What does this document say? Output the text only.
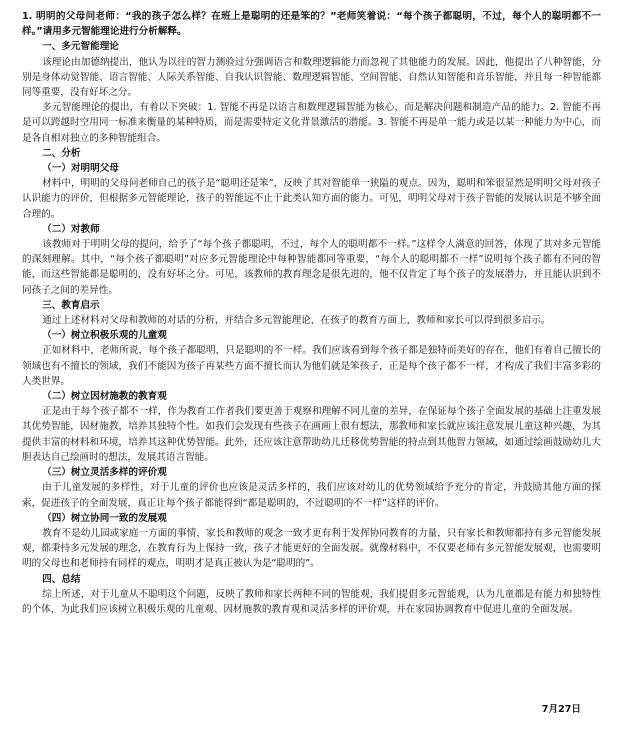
1. 明明的父母问老师：“我的孩子怎么样？在班上是聪明的还是笨的？”老师笑着说：“每个孩子都聪明，不过，每个人的聪明都不一样。”请用多元智能理论进行分析解释。

一、多元智能理论

该理论由加德纳提出，他认为以往的智力测验过分强调语言和数理逻辑能力而忽视了其他能力的发展。因此，他提出了八种智能，分别是身体动觉智能、语言智能、人际关系智能、自我认识智能、数理逻辑智能、空间智能、自然认知智能和音乐智能，并且每一种智能都同等重要，没有好坏之分。

多元智能理论的提出，有着以下突破：1. 智能不再是以语言和数理逻辑智能为核心，而是解决问题和制造产品的能力。2. 智能不再是可以跨越时空用同一标准来衡量的某种特质，而是需要特定文化背景激活的潜能。3. 智能不再是单一能力或是以某一种能力为中心，而是各自相对独立的多种智能组合。

二、分析

（一）对明明父母

材料中，明明的父母问老师自己的孩子是“聪明还是笨”，反映了其对智能单一狭隘的观点。因为，聪明和笨很显然是明明父母对孩子认识能力的评价，但根据多元智能理论，孩子的智能远不止于此类认知方面的能力。可见，明明父母对于孩子智能的发展认识是不够全面合理的。

（二）对教师

该教师对于明明父母的提问，给予了“每个孩子都聪明，不过，每个人的聪明都不一样。”这样令人满意的回答，体现了其对多元智能的深刻理解。其中，“每个孩子都聪明”对应多元智能理论中每种智能都同等重要，“每个人的聪明都不一样”说明每个孩子都有不同的智能，而这些智能都是聪明的，没有好坏之分。可见，该教师的教育理念是很先进的，他不仅肯定了每个孩子的发展潜力，并且能认识到不同孩子之间的差异性。

三、教育启示

通过上述材料对父母和教师的对话的分析，并结合多元智能理论，在孩子的教育方面上，教师和家长可以得到很多启示。

（一）树立积极乐观的儿童观

正如材料中，老师所说，每个孩子都聪明，只是聪明的不一样。我们应该看到每个孩子都是独特而美好的存在，他们有着自己擅长的领域也有不擅长的领域，我们不能因为孩子再某些方面不擅长而认为他们就是笨孩子，正是每个孩子都不一样，才构成了我们丰富多彩的人类世界。

（二）树立因材施教的教育观

正是由于每个孩子都不一样，作为教育工作者我们要更善于观察和理解不同儿童的差异，在保证每个孩子全面发展的基础上注重发展其优势智能，因材施教，培养其独特个性。如我们会发现有些孩子在画画上很有想法，那教师和家长就应该注意发展儿童这种兴趣，为其提供丰富的材料和环境，培养其这种优势智能。此外，还应该注意帮助幼儿迁移优势智能的特点到其他智力领域，如通过绘画鼓励幼儿大胆表达自己绘画时的想法，发展其语言智能。

（三）树立灵活多样的评价观

由于儿童发展的多样性，对于儿童的评价也应该是灵活多样的，我们应该对幼儿的优势领域给予充分的肯定，并鼓励其他方面的探索，促进孩子的全面发展，真正让每个孩子都能得到“都是聪明的，不过聪明的不一样”这样的评价。

（四）树立协同一致的发展观

教育不是幼儿园或家庭一方面的事情，家长和教师的观念一致才更有利于发挥协同教育的力量，只有家长和教师都持有多元智能发展观，都秉持多元发展的理念，在教育行为上保持一致，孩子才能更好的全面发展。就像材料中，不仅要老师有多元智能发展观，也需要明明的父母也和老师持有同样的观点，明明才是真正被认为是“聪明的”。

四、总结

综上所述，对于儿童从不聪明这个问题，反映了教师和家长两种不同的智能观，我们提倡多元智能观，认为儿童都是有能力和独特性的个体，为此我们应该树立积极乐观的儿童观、因材施教的教育观和灵活多样的评价观，并在家园协调教育中促进儿童的全面发展。

7月27日
